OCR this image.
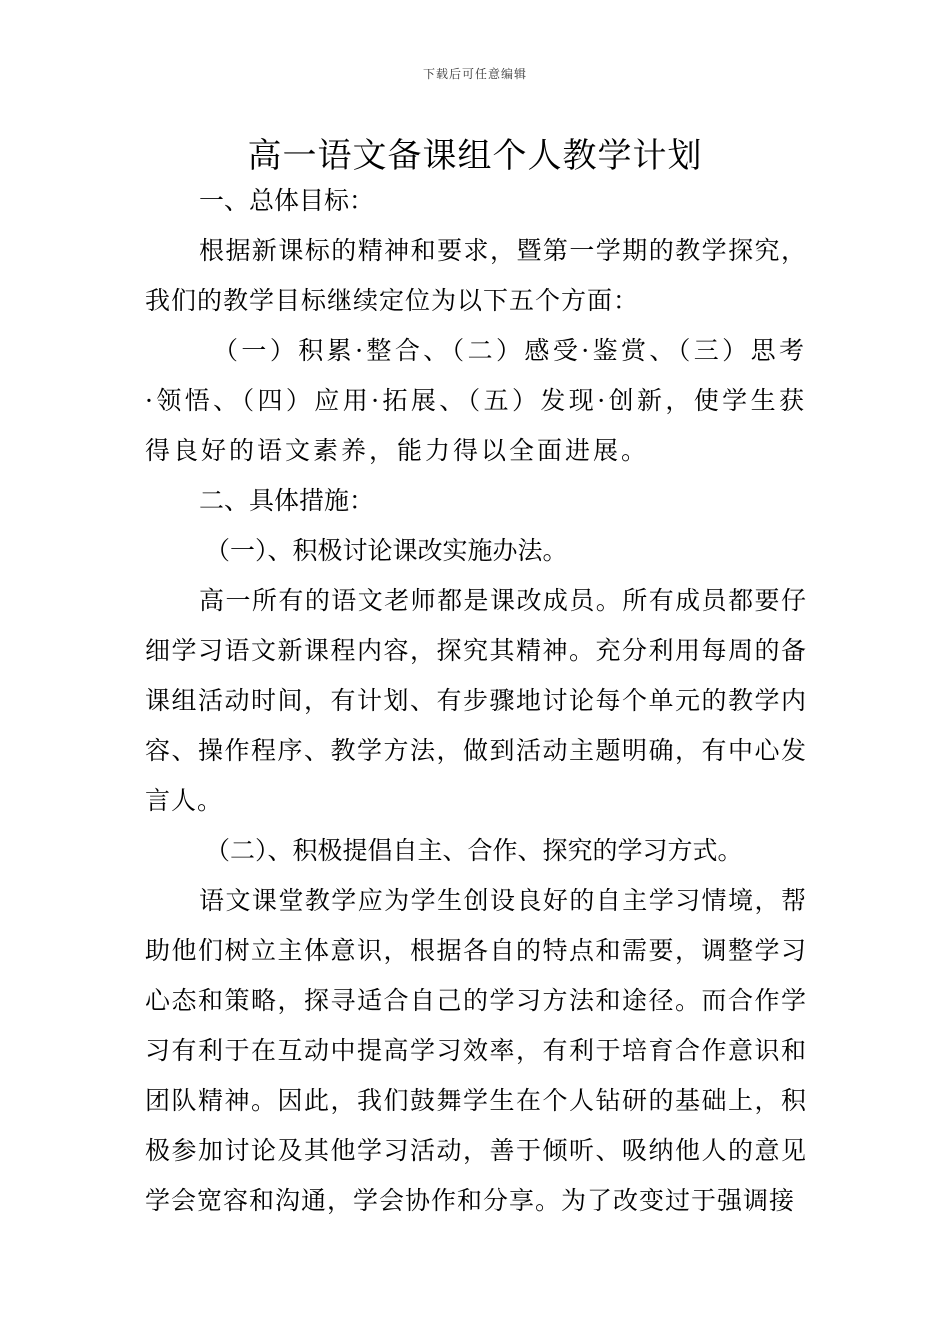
下载后可任意编辑
高一语文备课组个人教学计划

一、总体目标：

根据新课标的精神和要求，暨第一学期的教学探究，我们的教学目标继续定位为以下五个方面：

（一）积累·整合、（二）感受·鉴赏、（三）思考·领悟、（四）应用·拓展、（五）发现·创新，使学生获得良好的语文素养，能力得以全面进展。

二、具体措施：

（一）、积极讨论课改实施办法。

高一所有的语文老师都是课改成员。所有成员都要仔细学习语文新课程内容，探究其精神。充分利用每周的备课组活动时间，有计划、有步骤地讨论每个单元的教学内容、操作程序、教学方法，做到活动主题明确，有中心发言人。

（二）、积极提倡自主、合作、探究的学习方式。

语文课堂教学应为学生创设良好的自主学习情境，帮助他们树立主体意识，根据各自的特点和需要，调整学习心态和策略，探寻适合自己的学习方法和途径。而合作学习有利于在互动中提高学习效率，有利于培育合作意识和团队精神。因此，我们鼓舞学生在个人钻研的基础上，积极参加讨论及其他学习活动，善于倾听、吸纳他人的意见学会宽容和沟通，学会协作和分享。为了改变过于强调接
